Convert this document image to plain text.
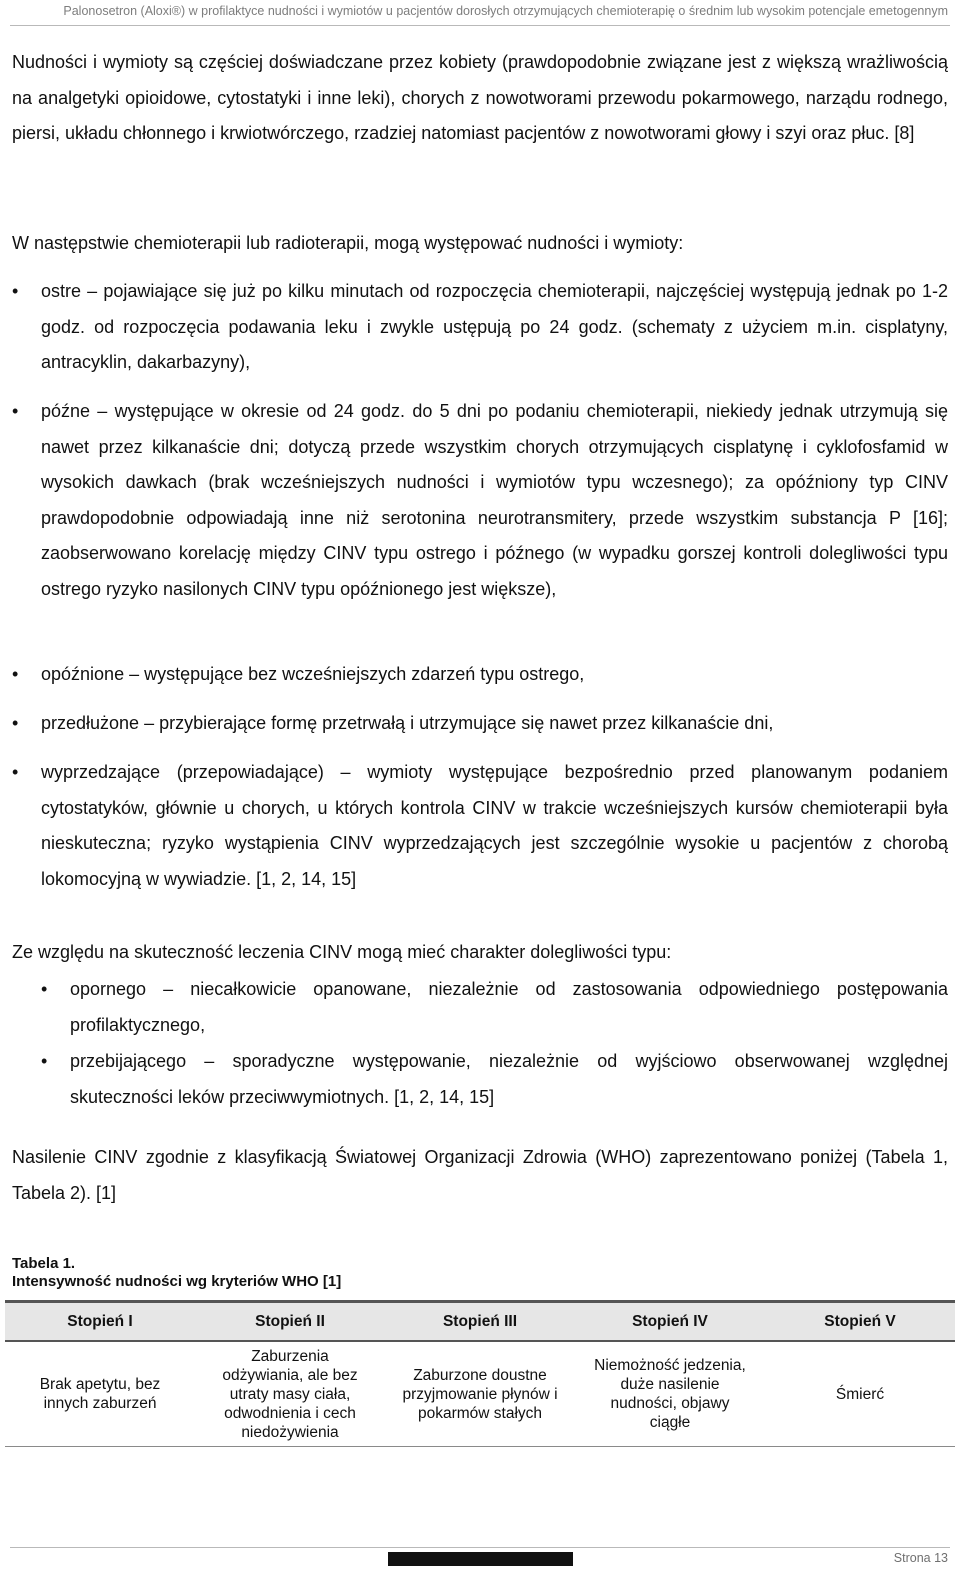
Palonosetron (Aloxi®) w profilaktyce nudności i wymiotów u pacjentów dorosłych otrzymujących chemioterapię o średnim lub wysokim potencjale emetogennym
Nudności i wymioty są częściej doświadczane przez kobiety (prawdopodobnie związane jest z większą wrażliwością na analgetyki opioidowe, cytostatyki i inne leki), chorych z nowotworami przewodu pokarmowego, narządu rodnego, piersi, układu chłonnego i krwiotwórczego, rzadziej natomiast pacjentów z nowotworami głowy i szyi oraz płuc. [8]
W następstwie chemioterapii lub radioterapii, mogą występować nudności i wymioty:
• ostre – pojawiające się już po kilku minutach od rozpoczęcia chemioterapii, najczęściej występują jednak po 1-2 godz. od rozpoczęcia podawania leku i zwykle ustępują po 24 godz. (schematy z użyciem m.in. cisplatyny, antracyklin, dakarbazyny),
• późne – występujące w okresie od 24 godz. do 5 dni po podaniu chemioterapii, niekiedy jednak utrzymują się nawet przez kilkanaście dni; dotyczą przede wszystkim chorych otrzymujących cisplatynę i cyklofosfamid w wysokich dawkach (brak wcześniejszych nudności i wymiotów typu wczesnego); za opóźniony typ CINV prawdopodobnie odpowiadają inne niż serotonina neurotransmitery, przede wszystkim substancja P [16]; zaobserwowano korelację między CINV typu ostrego i późnego (w wypadku gorszej kontroli dolegliwości typu ostrego ryzyko nasilonych CINV typu opóźnionego jest większe),
• opóźnione – występujące bez wcześniejszych zdarzeń typu ostrego,
• przedłużone – przybierające formę przetrwałą i utrzymujące się nawet przez kilkanaście dni,
• wyprzedzające (przepowiadające) – wymioty występujące bezpośrednio przed planowanym podaniem cytostatyków, głównie u chorych, u których kontrola CINV w trakcie wcześniejszych kursów chemioterapii była nieskuteczna; ryzyko wystąpienia CINV wyprzedzających jest szczególnie wysokie u pacjentów z chorobą lokomocyjną w wywiadzie. [1, 2, 14, 15]
Ze względu na skuteczność leczenia CINV mogą mieć charakter dolegliwości typu:
• opornego – niecałkowicie opanowane, niezależnie od zastosowania odpowiedniego postępowania profilaktycznego,
• przebijającego – sporadyczne występowanie, niezależnie od wyjściowo obserwowanej względnej skuteczności leków przeciwwymiotnych. [1, 2, 14, 15]
Nasilenie CINV zgodnie z klasyfikacją Światowej Organizacji Zdrowia (WHO) zaprezentowano poniżej (Tabela 1, Tabela 2). [1]
Tabela 1.
Intensywność nudności wg kryteriów WHO [1]
Stopień I	Stopień II	Stopień III	Stopień IV	Stopień V
Brak apetytu, bez innych zaburzeń	Zaburzenia odżywiania, ale bez utraty masy ciała, odwodnienia i cech niedożywienia	Zaburzone doustne przyjmowanie płynów i pokarmów stałych	Niemożność jedzenia, duże nasilenie nudności, objawy ciągłe	Śmierć
Strona 13
